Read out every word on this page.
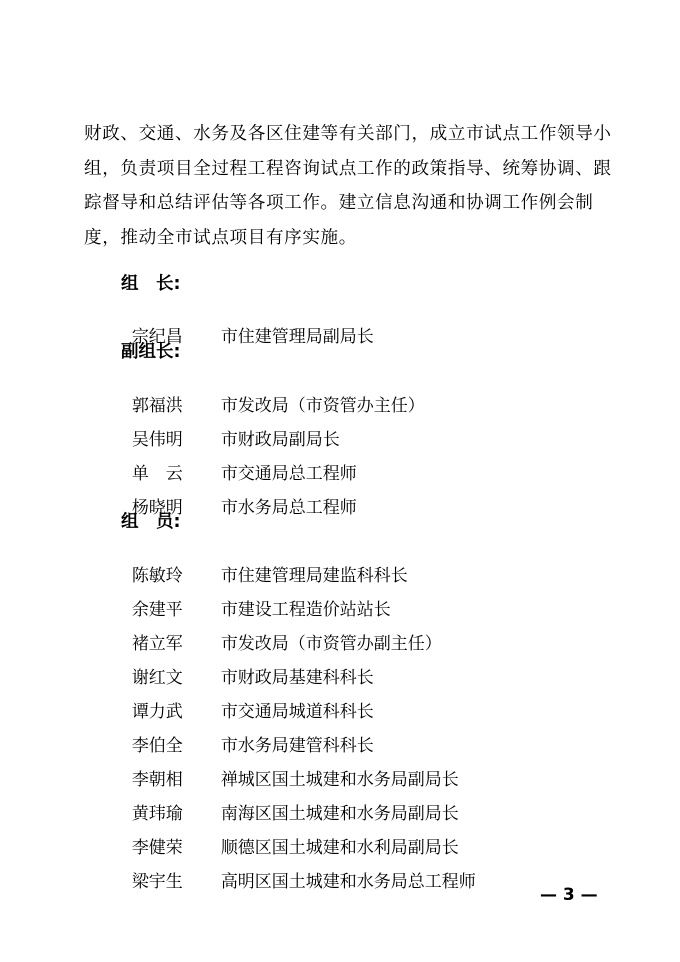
财政、交通、水务及各区住建等有关部门，成立市试点工作领导小
组，负责项目全过程工程咨询试点工作的政策指导、统筹协调、跟
踪督导和总结评估等各项工作。建立信息沟通和协调工作例会制
度，推动全市试点项目有序实施。

组　长:

宗纪昌 市住建管理局副局长

副组长:

郭福洪 市发改局（市资管办主任）

吴伟明 市财政局副局长

单　云 市交通局总工程师

杨晓明 市水务局总工程师

组　员:

陈敏玲 市住建管理局建监科科长

余建平 市建设工程造价站站长

褚立军 市发改局（市资管办副主任）

谢红文 市财政局基建科科长

谭力武 市交通局城道科科长

李伯全 市水务局建管科科长

李朝相 禅城区国土城建和水务局副局长

黄玮瑜 南海区国土城建和水务局副局长

李健荣 顺德区国土城建和水利局副局长

梁宇生 高明区国土城建和水务局总工程师

— 3 —
